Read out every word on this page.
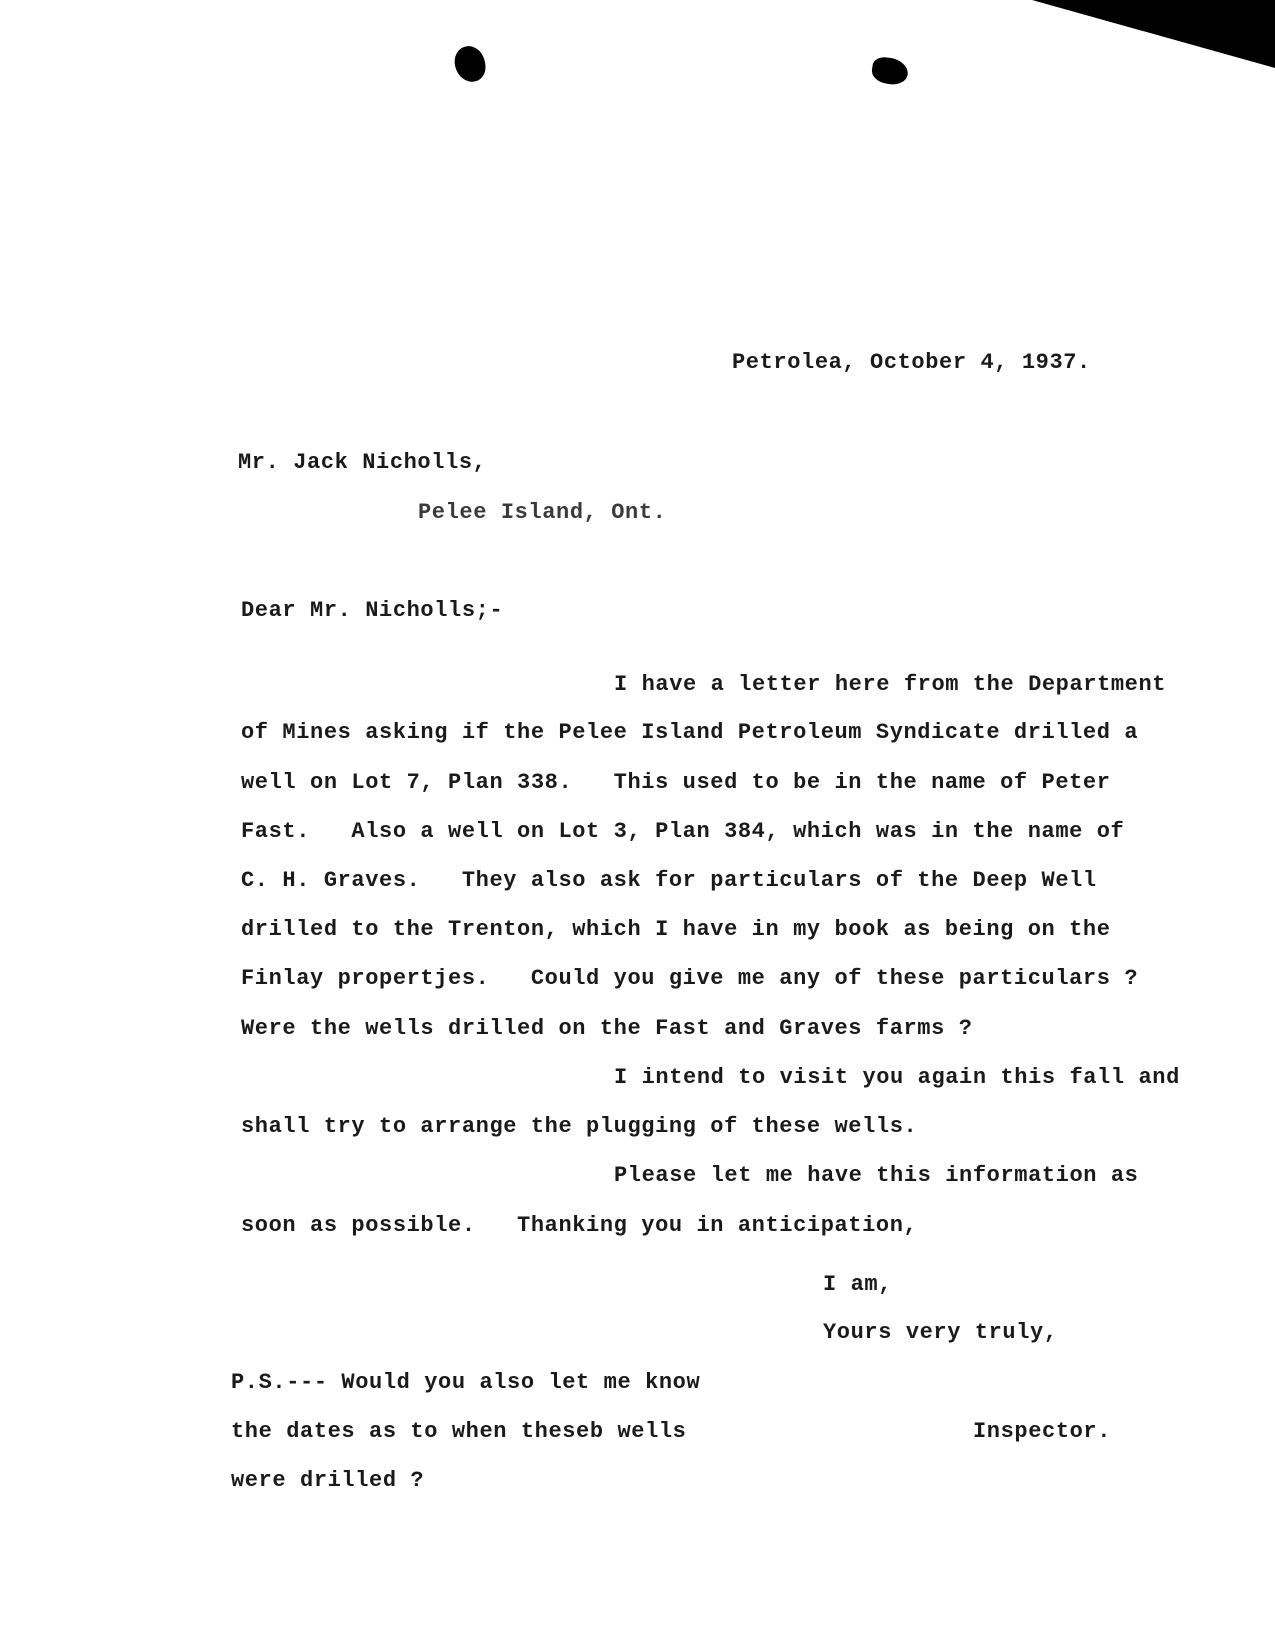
Petrolea, October 4, 1937.

Mr. Jack Nicholls,

Pelee Island, Ont.

Dear Mr. Nicholls;-

I have a letter here from the Department

of Mines asking if the Pelee Island Petroleum Syndicate drilled a

well on Lot 7, Plan 338.   This used to be in the name of Peter

Fast.   Also a well on Lot 3, Plan 384, which was in the name of

C. H. Graves.   They also ask for particulars of the Deep Well

drilled to the Trenton, which I have in my book as being on the

Finlay propertjes.   Could you give me any of these particulars ?

Were the wells drilled on the Fast and Graves farms ?

I intend to visit you again this fall and

shall try to arrange the plugging of these wells.

Please let me have this information as

soon as possible.   Thanking you in anticipation,

I am,

Yours very truly,

Inspector.

P.S.--- Would you also let me know

the dates as to when theseb wells

were drilled ?
